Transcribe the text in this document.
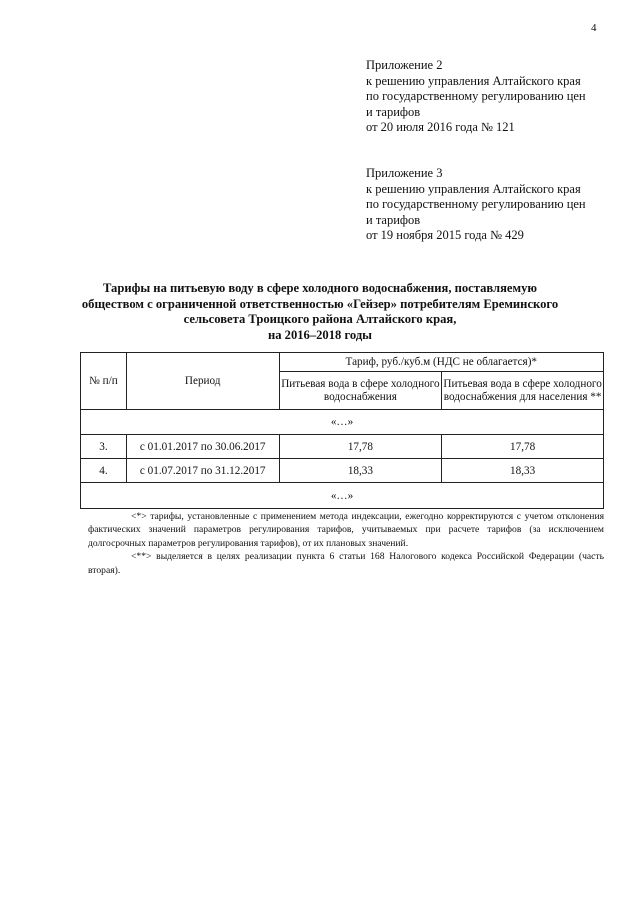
4
Приложение 2
к решению управления Алтайского края
по государственному регулированию цен
и тарифов
от 20 июля 2016 года № 121
Приложение 3
к решению управления Алтайского края
по государственному регулированию цен
и тарифов
от 19 ноября 2015 года № 429
Тарифы на питьевую воду в сфере холодного водоснабжения, поставляемую
обществом с ограниченной ответственностью «Гейзер» потребителям Ереминского
сельсовета Троицкого района Алтайского края,
на 2016–2018 годы
№ п/п	Период	Тариф, руб./куб.м (НДС не облагается)*	
		Питьевая вода в сфере холодного водоснабжения	Питьевая вода в сфере холодного водоснабжения для населения **
«…»			
3.	с 01.01.2017 по 30.06.2017	17,78	17,78
4.	с 01.07.2017 по 31.12.2017	18,33	18,33
«…»			

<*> тарифы, установленные с применением метода индексации, ежегодно корректируются с учетом отклонения фактических значений параметров регулирования тарифов, учитываемых при расчете тарифов (за исключением долгосрочных параметров регулирования тарифов), от их плановых значений.

<**> выделяется в целях реализации пункта 6 статьи 168 Налогового кодекса Российской Федерации (часть вторая).
